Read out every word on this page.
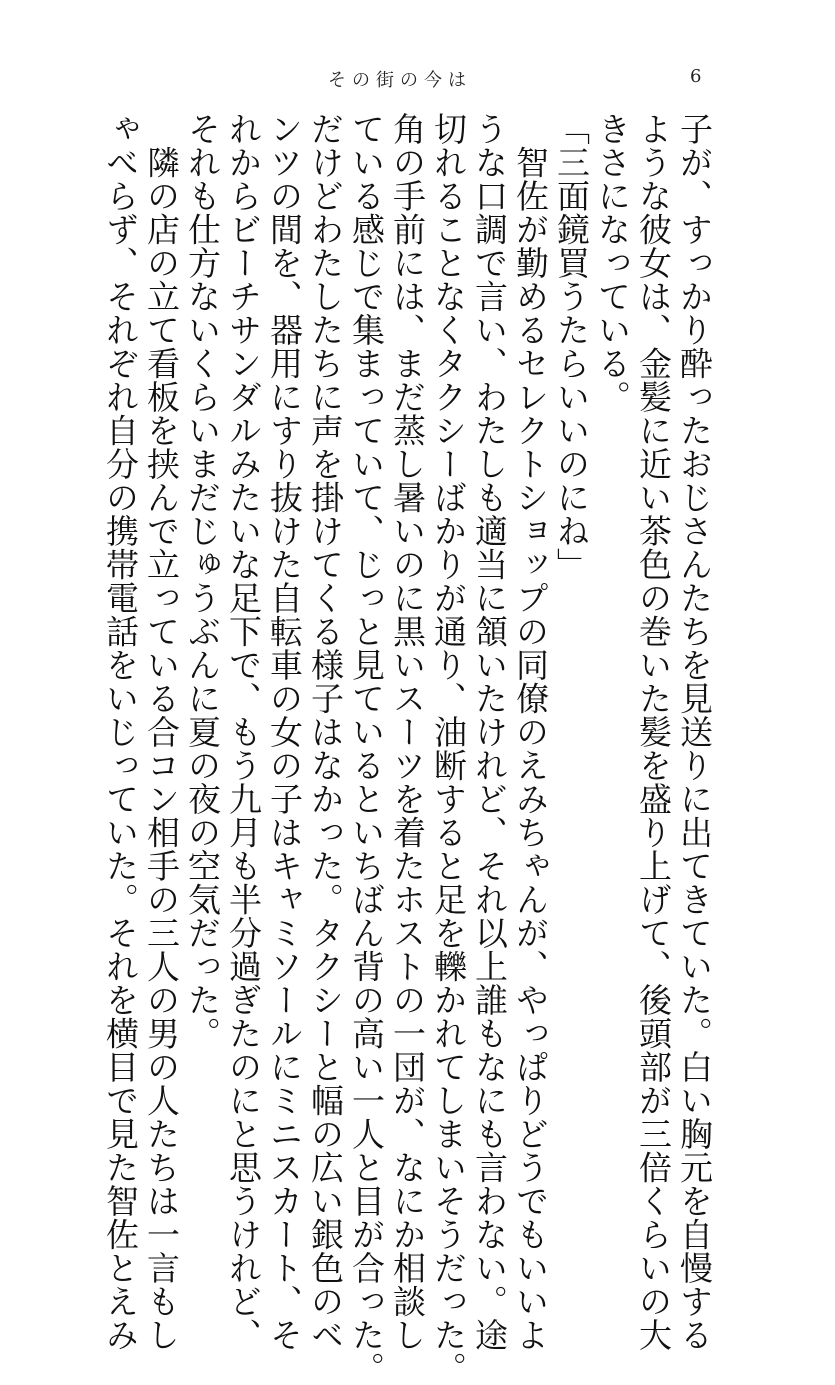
その街の今は	6
子が、すっかり酔ったおじさんたちを見送りに出てきていた。白い胸元を自慢する
ような彼女は、金髪に近い茶色の巻いた髪を盛り上げて、後頭部が三倍くらいの大
きさになっている。
「三面鏡買うたらいいのにね」
　智佐が勤めるセレクトショップの同僚のえみちゃんが、やっぱりどうでもいいよ
うな口調で言い、わたしも適当に頷いたけれど、それ以上誰もなにも言わない。途
切れることなくタクシーばかりが通り、油断すると足を轢かれてしまいそうだった。
角の手前には、まだ蒸し暑いのに黒いスーツを着たホストの一団が、なにか相談し
ている感じで集まっていて、じっと見ているといちばん背の高い一人と目が合った。
だけどわたしたちに声を掛けてくる様子はなかった。タクシーと幅の広い銀色のベ
ンツの間を、器用にすり抜けた自転車の女の子はキャミソールにミニスカート、そ
れからビーチサンダルみたいな足下で、もう九月も半分過ぎたのにと思うけれど、
それも仕方ないくらいまだじゅうぶんに夏の夜の空気だった。
　隣の店の立て看板を挟んで立っている合コン相手の三人の男の人たちは一言もし
ゃべらず、それぞれ自分の携帯電話をいじっていた。それを横目で見た智佐とえみ
